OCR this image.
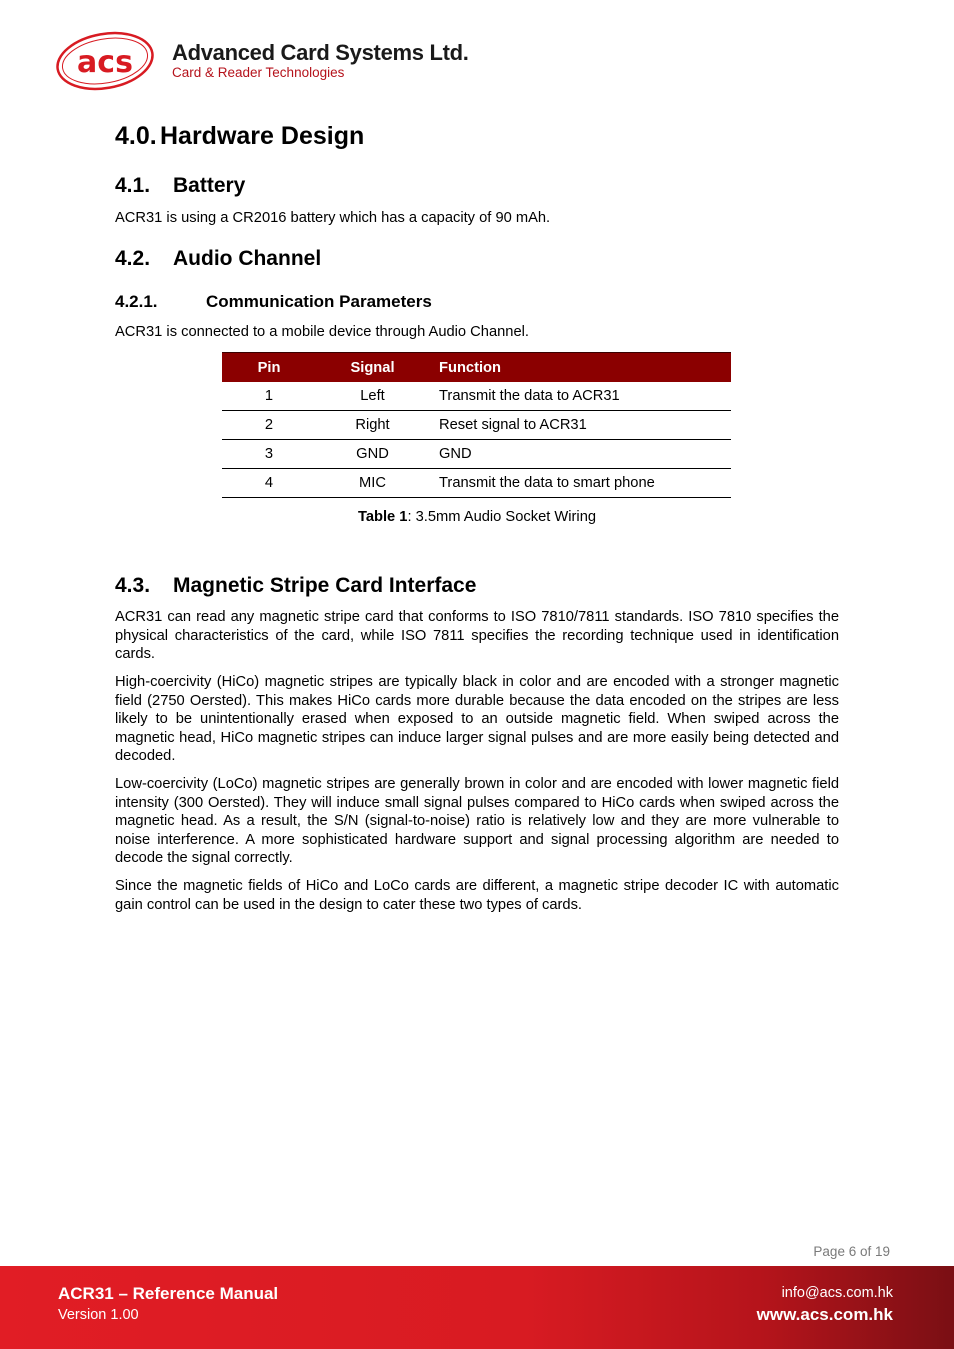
acs Advanced Card Systems Ltd.
Card & Reader Technologies
4.0. Hardware Design
4.1. Battery

ACR31 is using a CR2016 battery which has a capacity of 90 mAh.

4.2. Audio Channel
4.2.1.	Communication Parameters

ACR31 is connected to a mobile device through Audio Channel.

Table 1: 3.5mm Audio Socket Wiring

4.3. Magnetic Stripe Card Interface

ACR31 can read any magnetic stripe card that conforms to ISO 7810/7811 standards. ISO 7810 specifies the physical characteristics of the card, while ISO 7811 specifies the recording technique used in identification cards.

High-coercivity (HiCo) magnetic stripes are typically black in color and are encoded with a stronger magnetic field (2750 Oersted). This makes HiCo cards more durable because the data encoded on the stripes are less likely to be unintentionally erased when exposed to an outside magnetic field. When swiped across the magnetic head, HiCo magnetic stripes can induce larger signal pulses and are more easily being detected and decoded.

Low-coercivity (LoCo) magnetic stripes are generally brown in color and are encoded with lower magnetic field intensity (300 Oersted). They will induce small signal pulses compared to HiCo cards when swiped across the magnetic head. As a result, the S/N (signal-to-noise) ratio is relatively low and they are more vulnerable to noise interference. A more sophisticated hardware support and signal processing algorithm are needed to decode the signal correctly.

Since the magnetic fields of HiCo and LoCo cards are different, a magnetic stripe decoder IC with automatic gain control can be used in the design to cater these two types of cards.

Pin	Signal	Function
1	Left	Transmit the data to ACR31
2	Right	Reset signal to ACR31
3	GND	GND
4	MIC	Transmit the data to smart phone
Page 6 of 19
ACR31 – Reference Manual
Version 1.00
info@acs.com.hk
www.acs.com.hk
